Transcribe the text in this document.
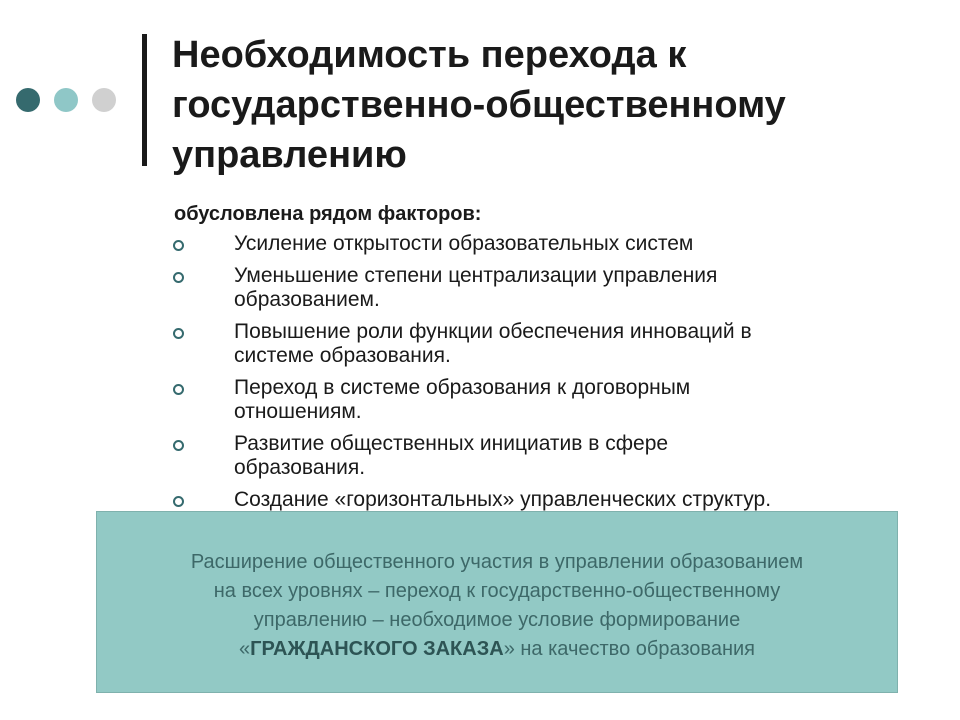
Необходимость перехода к
государственно-общественному
управлению
обусловлена рядом факторов:
Усиление открытости образовательных систем
Уменьшение степени централизации управления
образованием.
Повышение роли функции обеспечения инноваций в
системе образования.
Переход в системе образования к договорным
отношениям.
Развитие общественных инициатив в сфере
образования.
Создание «горизонтальных» управленческих структур.
Расширение общественного участия в управлении образованием
на всех уровнях – переход к государственно-общественному
управлению – необходимое условие формирование
«ГРАЖДАНСКОГО ЗАКАЗА» на качество образования
